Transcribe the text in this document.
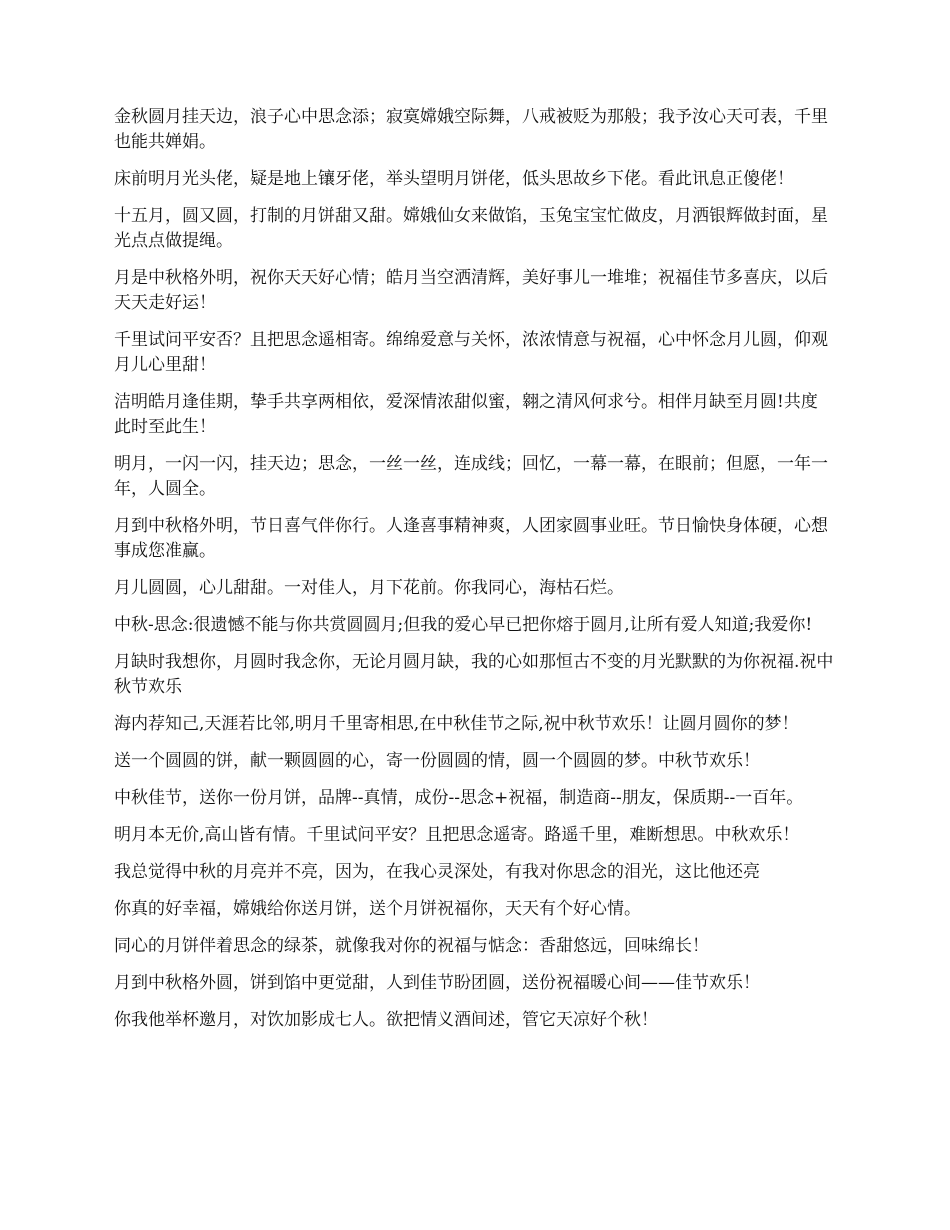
金秋圆月挂天边，浪子心中思念添；寂寞嫦娥空际舞，八戒被贬为那般；我予汝心天可表，千里也能共婵娟。

床前明月光头佬，疑是地上镶牙佬，举头望明月饼佬，低头思故乡下佬。看此讯息正傻佬！

十五月，圆又圆，打制的月饼甜又甜。嫦娥仙女来做馅，玉兔宝宝忙做皮，月洒银辉做封面，星光点点做提绳。

月是中秋格外明，祝你天天好心情；皓月当空洒清辉，美好事儿一堆堆；祝福佳节多喜庆，以后天天走好运！

千里试问平安否？且把思念遥相寄。绵绵爱意与关怀，浓浓情意与祝福，心中怀念月儿圆，仰观月儿心里甜！

洁明皓月逢佳期，挚手共享两相依，爱深情浓甜似蜜，翱之清风何求兮。相伴月缺至月圆!共度此时至此生！

明月，一闪一闪，挂天边；思念，一丝一丝，连成线；回忆，一幕一幕，在眼前；但愿，一年一年，人圆全。

月到中秋格外明，节日喜气伴你行。人逢喜事精神爽，人团家圆事业旺。节日愉快身体硬，心想事成您准赢。

月儿圆圆，心儿甜甜。一对佳人，月下花前。你我同心，海枯石烂。

中秋-思念:很遗憾不能与你共赏圆圆月;但我的爱心早已把你熔于圆月,让所有爱人知道;我爱你!

月缺时我想你，月圆时我念你，无论月圆月缺，我的心如那恒古不变的月光默默的为你祝福.祝中秋节欢乐

海内荐知己,天涯若比邻,明月千里寄相思,在中秋佳节之际,祝中秋节欢乐！让圆月圆你的梦！

送一个圆圆的饼，献一颗圆圆的心，寄一份圆圆的情，圆一个圆圆的梦。中秋节欢乐！

中秋佳节，送你一份月饼，品牌--真情，成份--思念+祝福，制造商--朋友，保质期--一百年。

明月本无价,高山皆有情。千里试问平安？且把思念遥寄。路遥千里，难断想思。中秋欢乐！

我总觉得中秋的月亮并不亮，因为，在我心灵深处，有我对你思念的泪光，这比他还亮

你真的好幸福，嫦娥给你送月饼，送个月饼祝福你，天天有个好心情。

同心的月饼伴着思念的绿茶，就像我对你的祝福与惦念：香甜悠远，回味绵长！

月到中秋格外圆，饼到馅中更觉甜，人到佳节盼团圆，送份祝福暖心间——佳节欢乐！

你我他举杯邀月，对饮加影成七人。欲把情义酒间述，管它天凉好个秋！
